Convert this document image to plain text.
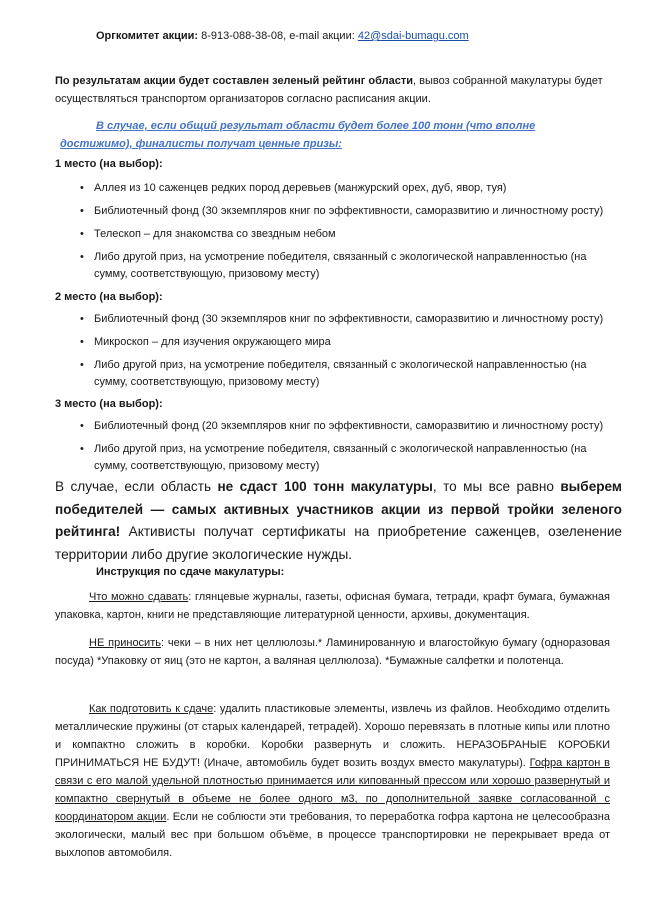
Оргкомитет акции: 8-913-088-38-08, e-mail акции: 42@sdai-bumagu.com
По результатам акции будет составлен зеленый рейтинг области, вывоз собранной макулатуры будет осуществляться транспортом организаторов согласно расписания акции.
В случае, если общий результат области будет более 100 тонн (что вполне достижимо), финалисты получат ценные призы:
1 место (на выбор):
• Аллея из 10 саженцев редких пород деревьев (манжурский орех, дуб, явор, туя)
• Библиотечный фонд (30 экземпляров книг по эффективности, саморазвитию и личностному росту)
• Телескоп – для знакомства со звездным небом
• Либо другой приз, на усмотрение победителя, связанный с экологической направленностью (на сумму, соответствующую, призовому месту)
2 место (на выбор):
• Библиотечный фонд (30 экземпляров книг по эффективности, саморазвитию и личностному росту)
• Микроскоп – для изучения окружающего мира
• Либо другой приз, на усмотрение победителя, связанный с экологической направленностью (на сумму, соответствующую, призовому месту)
3 место (на выбор):
• Библиотечный фонд (20 экземпляров книг по эффективности, саморазвитию и личностному росту)
• Либо другой приз, на усмотрение победителя, связанный с экологической направленностью (на сумму, соответствующую, призовому месту)
В случае, если область не сдаст 100 тонн макулатуры, то мы все равно выберем победителей — самых активных участников акции из первой тройки зеленого рейтинга! Активисты получат сертификаты на приобретение саженцев, озеленение территории либо другие экологические нужды.
Инструкция по сдаче макулатуры:
Что можно сдавать: глянцевые журналы, газеты, офисная бумага, тетради, крафт бумага, бумажная упаковка, картон, книги не представляющие литературной ценности, архивы, документация.
НЕ приносить: чеки – в них нет целлюлозы.* Ламинированную и влагостойкую бумагу (одноразовая посуда) *Упаковку от яиц (это не картон, а валяная целлюлоза). *Бумажные салфетки и полотенца.
Как подготовить к сдаче: удалить пластиковые элементы, извлечь из файлов. Необходимо отделить металлические пружины (от старых календарей, тетрадей). Хорошо перевязать в плотные кипы или плотно и компактно сложить в коробки. Коробки развернуть и сложить. НЕРАЗОБРАНЫЕ КОРОБКИ ПРИНИМАТЬСЯ НЕ БУДУТ! (Иначе, автомобиль будет возить воздух вместо макулатуры). Гофра картон в связи с его малой удельной плотностью принимается или кипованный прессом или хорошо развернутый и компактно свернутый в объеме не более одного м3, по дополнительной заявке согласованной с координатором акции. Если не соблюсти эти требования, то переработка гофра картона не целесообразна экологически, малый вес при большом объёме, в процессе транспортировки не перекрывает вреда от выхлопов автомобиля.
